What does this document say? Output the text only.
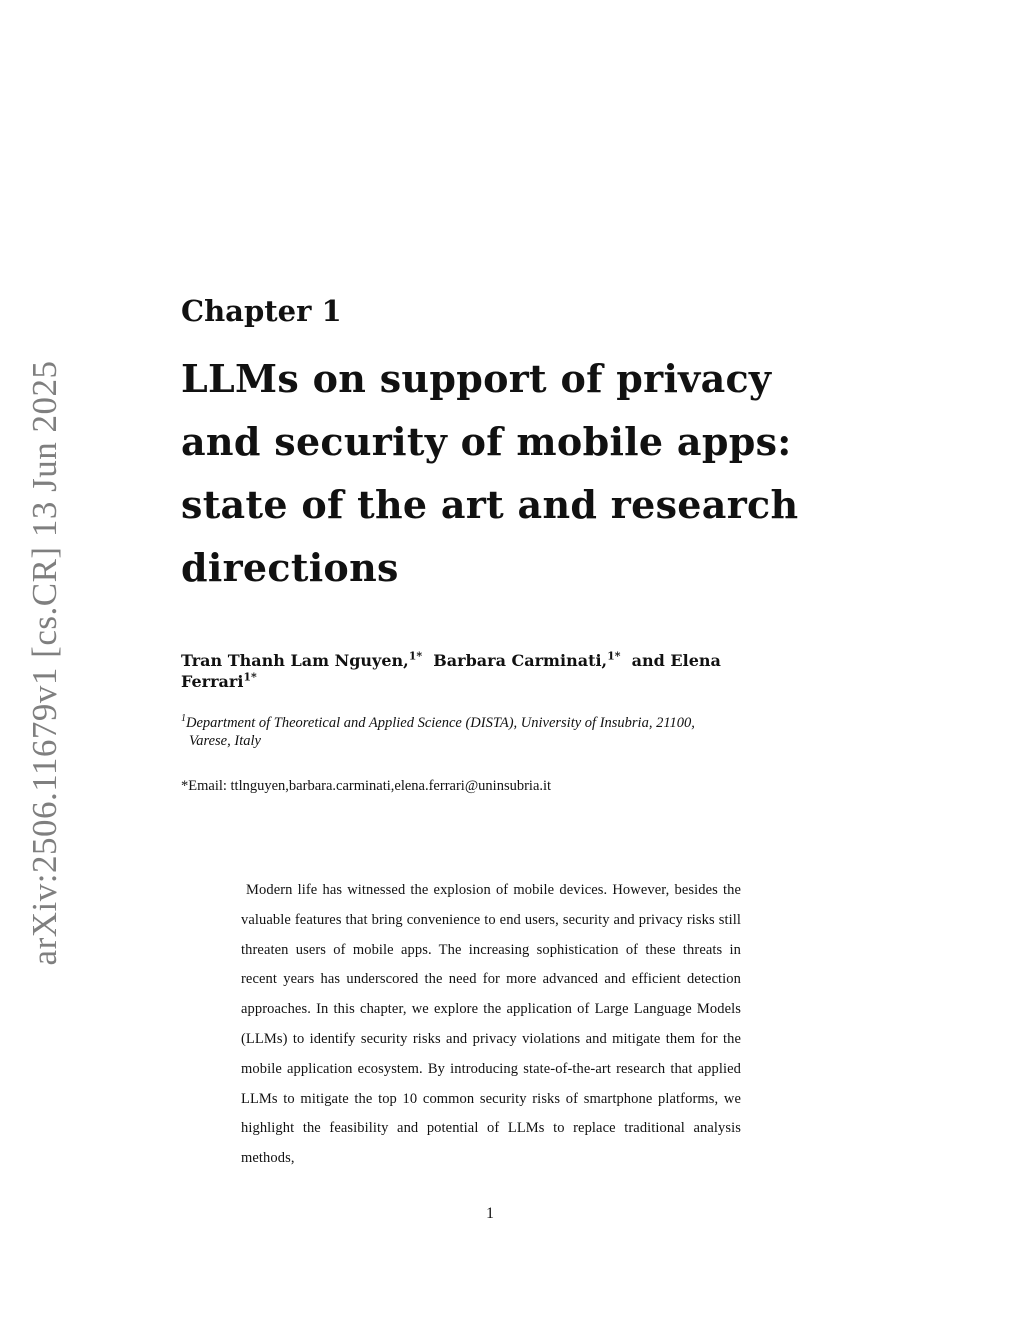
arXiv:2506.11679v1 [cs.CR] 13 Jun 2025
Chapter 1
LLMs on support of privacy and security of mobile apps: state of the art and research directions

Tran Thanh Lam Nguyen,$^{1*}$ Barbara Carminati,$^{1*}$ and Elena Ferrari$^{1*}$

$^1$Department of Theoretical and Applied Science (DISTA), University of Insubria, 21100,
Varese, Italy

*Email: ttlnguyen,barbara.carminati,elena.ferrari@uninsubria.it

Modern life has witnessed the explosion of mobile devices. However, besides the valuable features that bring convenience to end users, security and privacy risks still threaten users of mobile apps. The increasing sophistication of these threats in recent years has underscored the need for more advanced and efficient detection approaches. In this chapter, we explore the application of Large Language Models (LLMs) to identify security risks and privacy violations and mitigate them for the mobile application ecosystem. By introducing state-of-the-art research that applied LLMs to mitigate the top 10 common security risks of smartphone platforms, we highlight the feasibility and potential of LLMs to replace traditional analysis methods,

1
